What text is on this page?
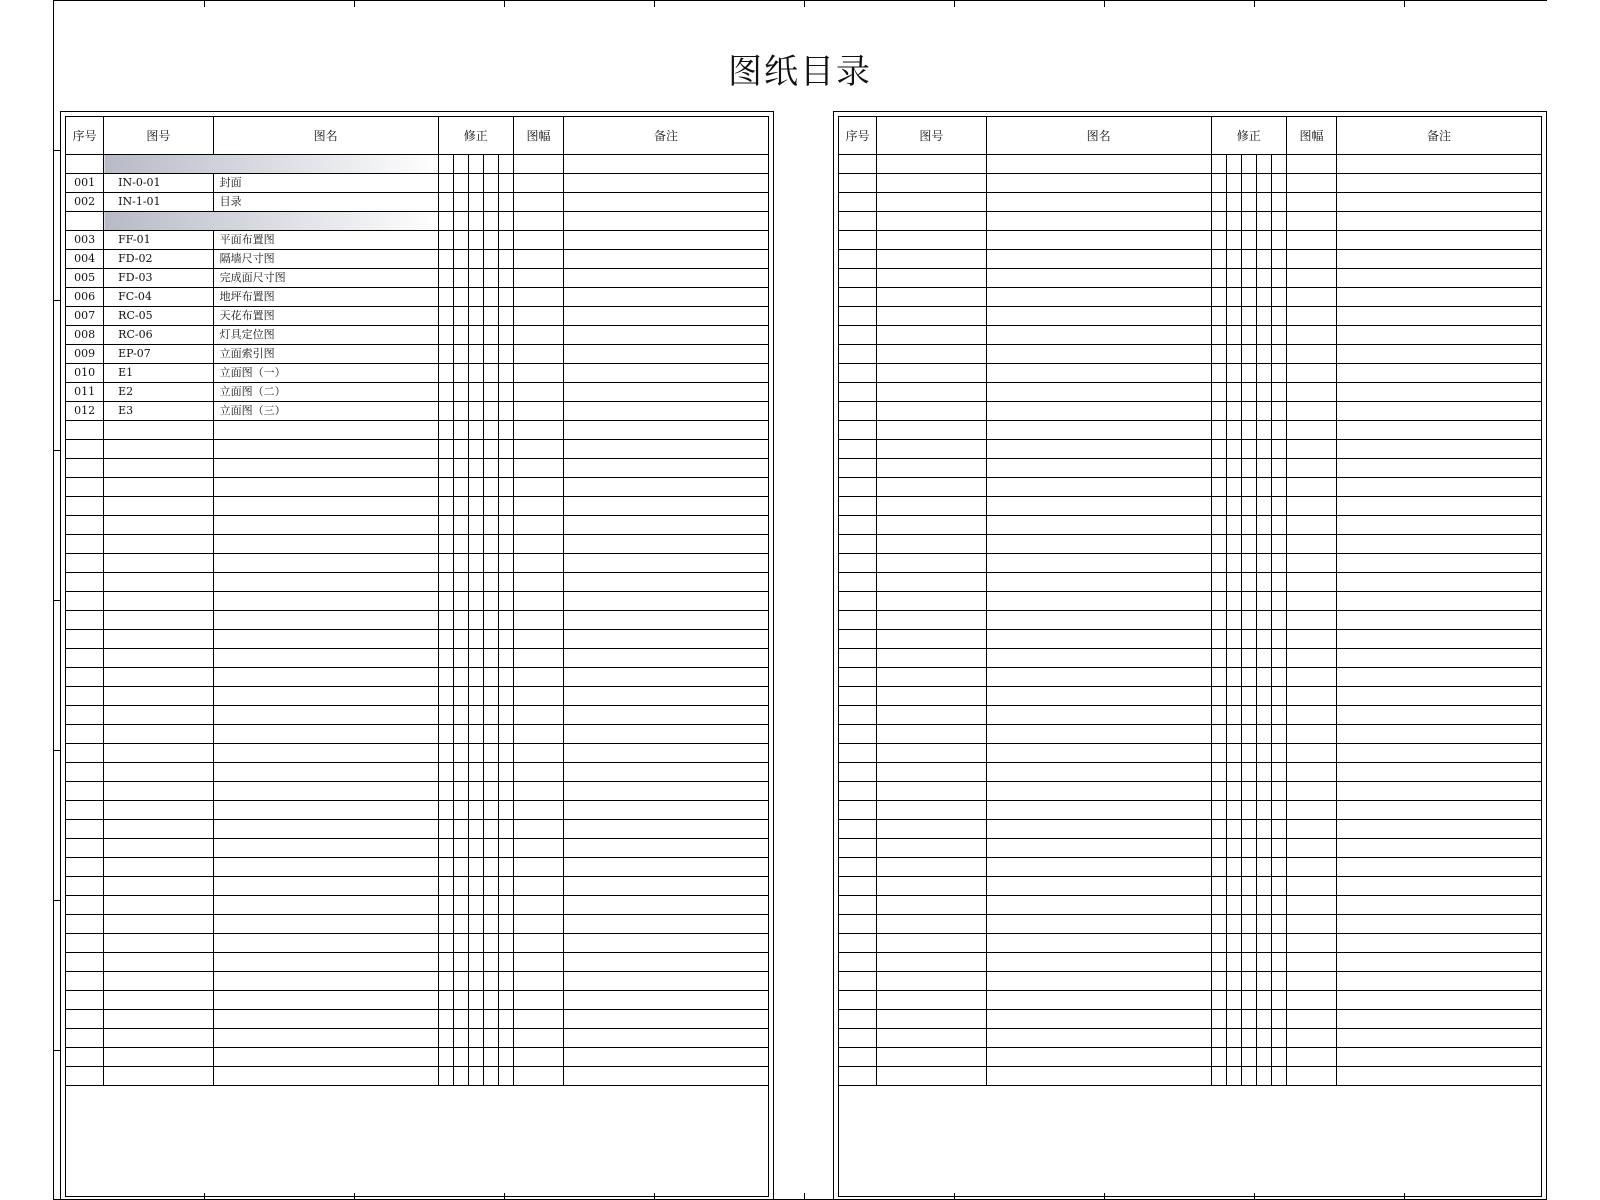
图纸目录
序号	图号	图名	修正					图幅	备注

001	IN-0-01	封面							
002	IN-1-01	目录							

003	FF-01	平面布置图							
004	FD-02	隔墙尺寸图							
005	FD-03	完成面尺寸图							
006	FC-04	地坪布置图							
007	RC-05	天花布置图							
008	RC-06	灯具定位图							
009	EP-07	立面索引图							
010	E1	立面图（一）							
011	E2	立面图（二）							
012	E3	立面图（三）							

序号	图号	图名	修正					图幅	备注
